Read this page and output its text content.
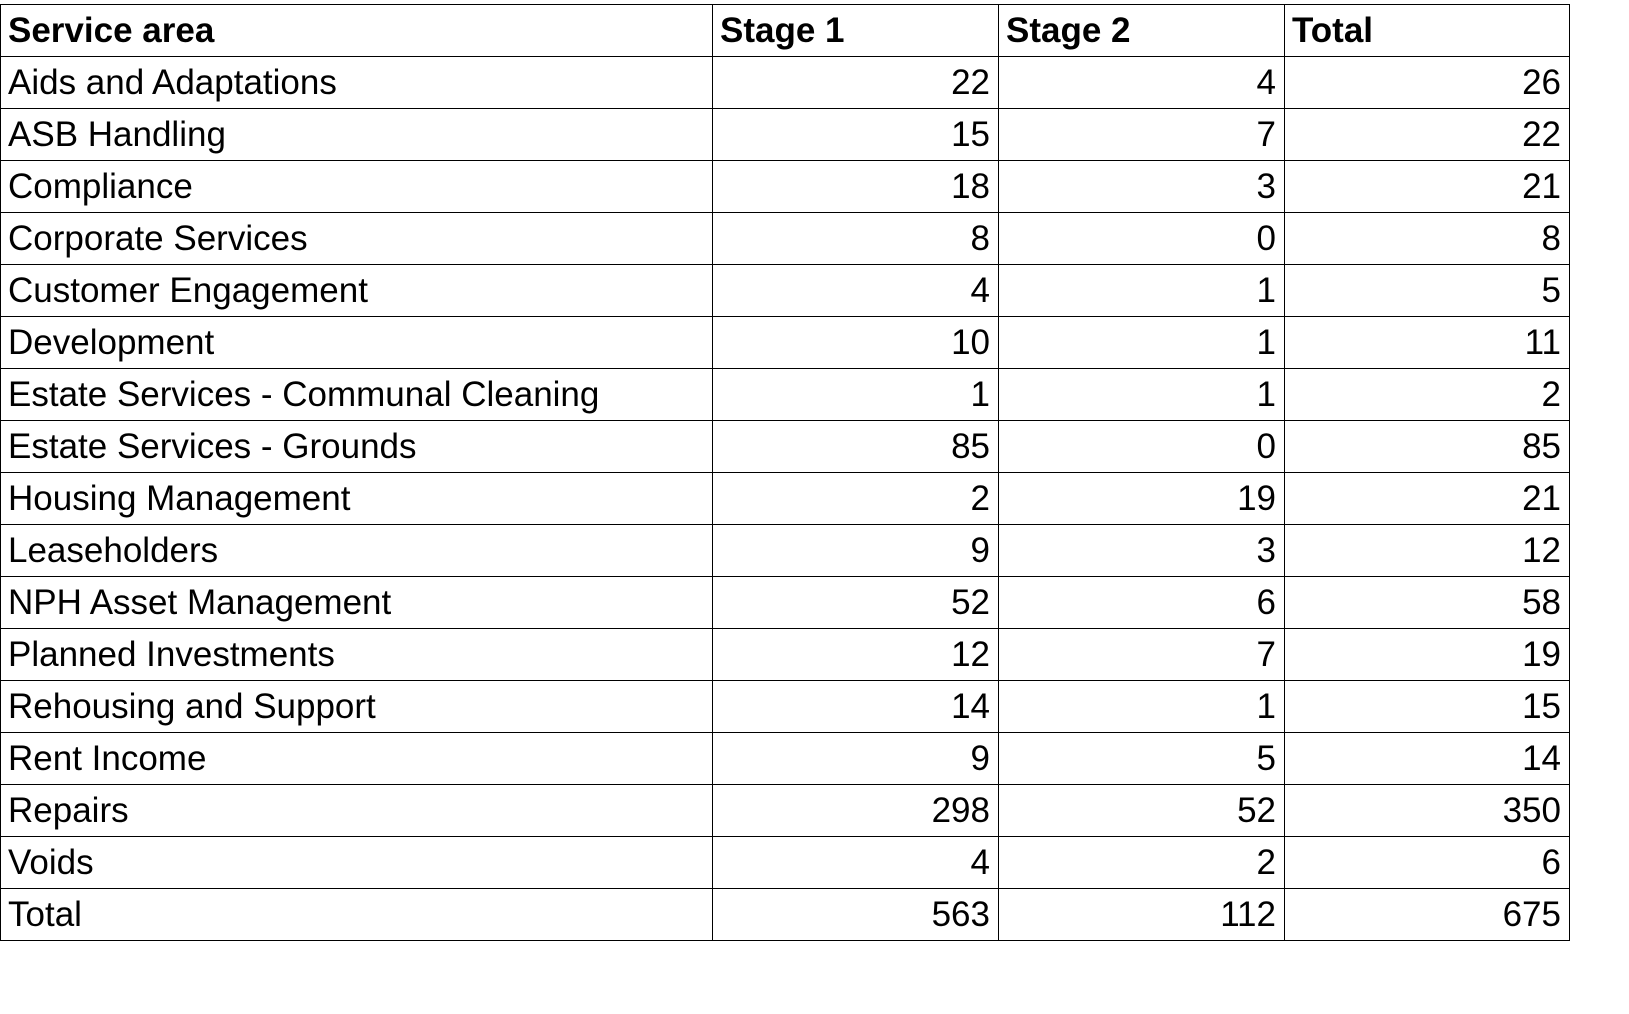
Service area	Stage 1	Stage 2	Total
Aids and Adaptations	22	4	26
ASB Handling	15	7	22
Compliance	18	3	21
Corporate Services	8	0	8
Customer Engagement	4	1	5
Development	10	1	11
Estate Services - Communal Cleaning	1	1	2
Estate Services - Grounds	85	0	85
Housing Management	2	19	21
Leaseholders	9	3	12
NPH Asset Management	52	6	58
Planned Investments	12	7	19
Rehousing and Support	14	1	15
Rent Income	9	5	14
Repairs	298	52	350
Voids	4	2	6
Total	563	112	675
